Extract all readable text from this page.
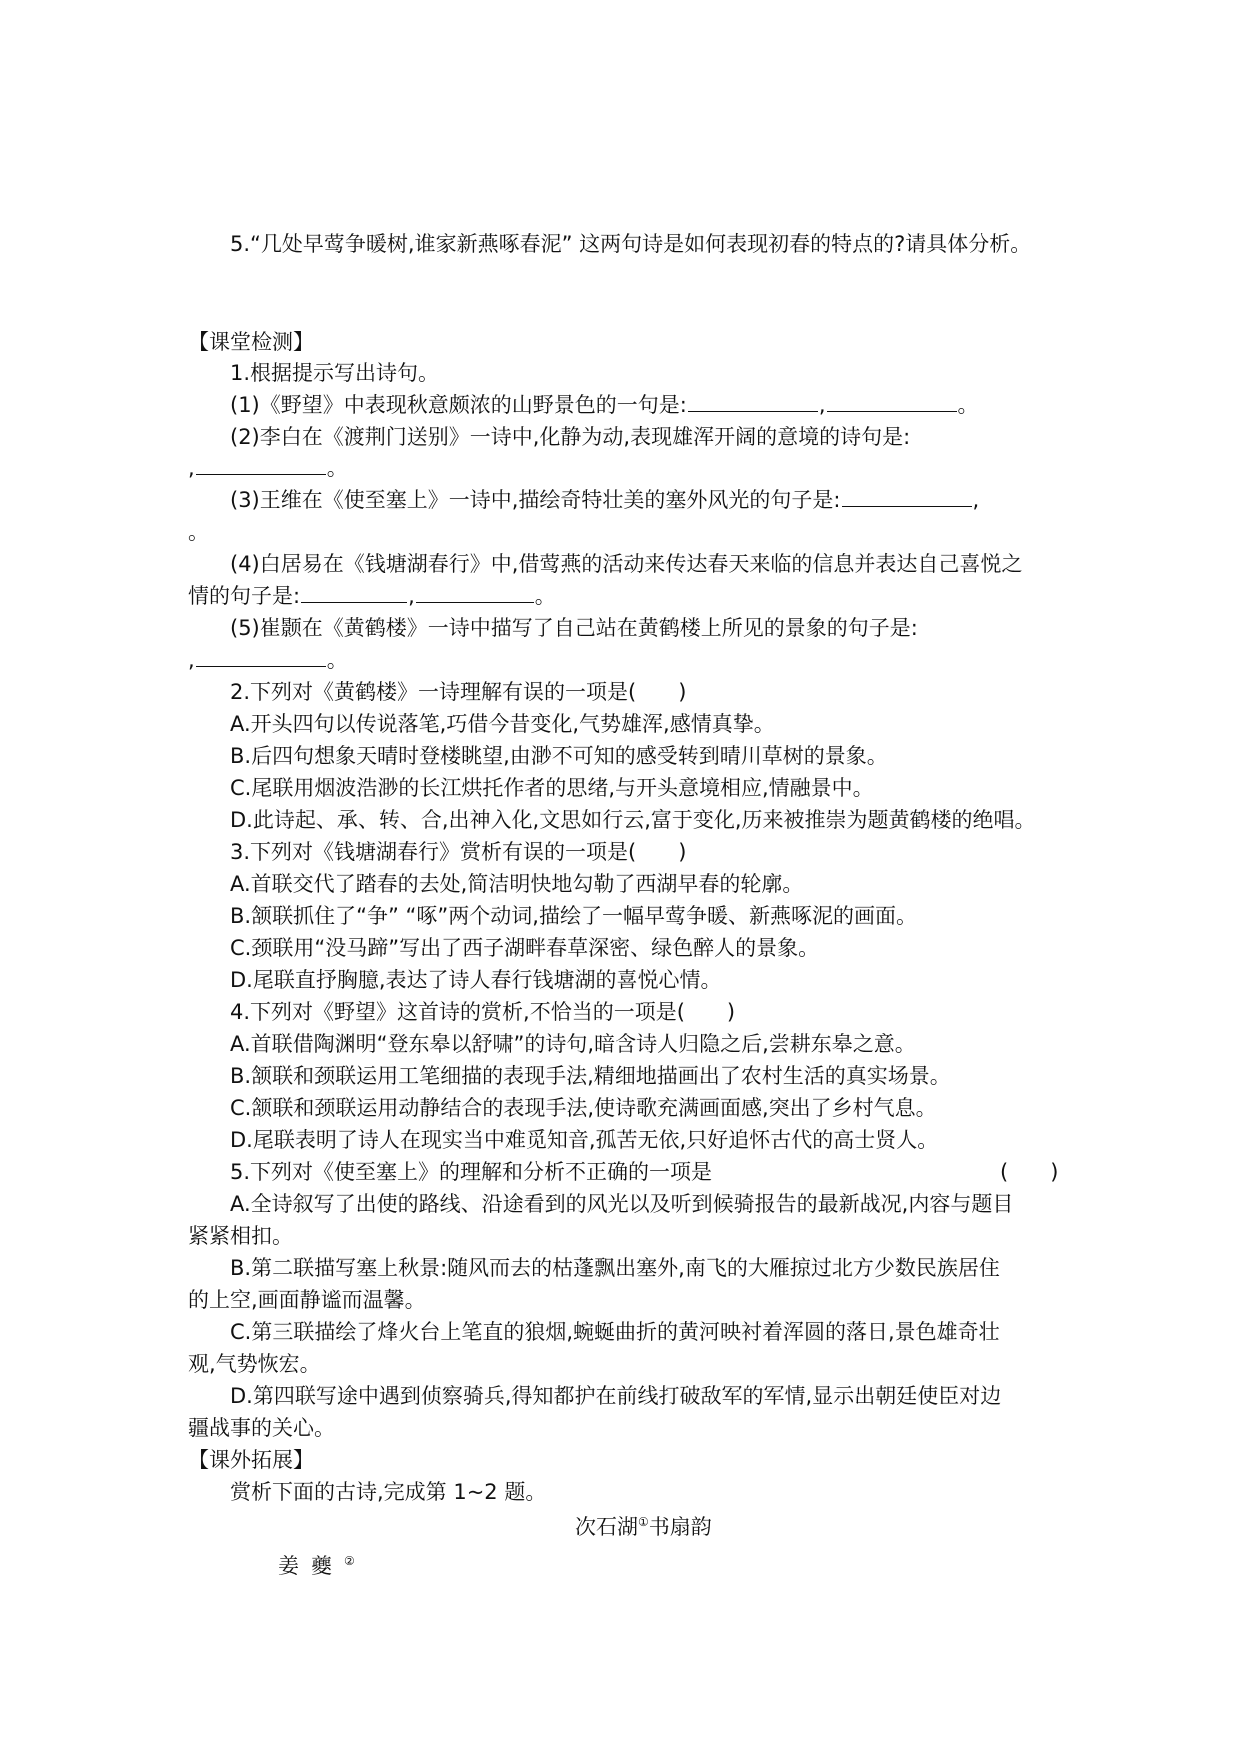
5.“几处早莺争暖树,谁家新燕啄春泥” 这两句诗是如何表现初春的特点的?请具体分析。
【课堂检测】
1.根据提示写出诗句。
(1)《野望》中表现秋意颇浓的山野景色的一句是:	,	。
(2)李白在《渡荆门送别》一诗中,化静为动,表现雄浑开阔的意境的诗句是:
,	。
(3)王维在《使至塞上》一诗中,描绘奇特壮美的塞外风光的句子是:	,
。
(4)白居易在《钱塘湖春行》中,借莺燕的活动来传达春天来临的信息并表达自己喜悦之
情的句子是:	,	。
(5)崔颢在《黄鹤楼》一诗中描写了自己站在黄鹤楼上所见的景象的句子是:
,	。
2.下列对《黄鹤楼》一诗理解有误的一项是(　　)
A.开头四句以传说落笔,巧借今昔变化,气势雄浑,感情真挚。
B.后四句想象天晴时登楼眺望,由渺不可知的感受转到晴川草树的景象。
C.尾联用烟波浩渺的长江烘托作者的思绪,与开头意境相应,情融景中。
D.此诗起、承、转、合,出神入化,文思如行云,富于变化,历来被推崇为题黄鹤楼的绝唱。
3.下列对《钱塘湖春行》赏析有误的一项是(　　)
A.首联交代了踏春的去处,简洁明快地勾勒了西湖早春的轮廓。
B.颔联抓住了“争” “啄”两个动词,描绘了一幅早莺争暖、新燕啄泥的画面。
C.颈联用“没马蹄”写出了西子湖畔春草深密、绿色醉人的景象。
D.尾联直抒胸臆,表达了诗人春行钱塘湖的喜悦心情。
4.下列对《野望》这首诗的赏析,不恰当的一项是(　　)
A.首联借陶渊明“登东皋以舒啸”的诗句,暗含诗人归隐之后,尝耕东皋之意。
B.颔联和颈联运用工笔细描的表现手法,精细地描画出了农村生活的真实场景。
C.颔联和颈联运用动静结合的表现手法,使诗歌充满画面感,突出了乡村气息。
D.尾联表明了诗人在现实当中难觅知音,孤苦无依,只好追怀古代的高士贤人。
5.下列对《使至塞上》的理解和分析不正确的一项是	(　　)
A.全诗叙写了出使的路线、沿途看到的风光以及听到候骑报告的最新战况,内容与题目
紧紧相扣。
B.第二联描写塞上秋景:随风而去的枯蓬飘出塞外,南飞的大雁掠过北方少数民族居住
的上空,画面静谧而温馨。
C.第三联描绘了烽火台上笔直的狼烟,蜿蜒曲折的黄河映衬着浑圆的落日,景色雄奇壮
观,气势恢宏。
D.第四联写途中遇到侦察骑兵,得知都护在前线打破敌军的军情,显示出朝廷使臣对边
疆战事的关心。
【课外拓展】
赏析下面的古诗,完成第 1~2 题。
次石湖①书扇韵
姜夔②
